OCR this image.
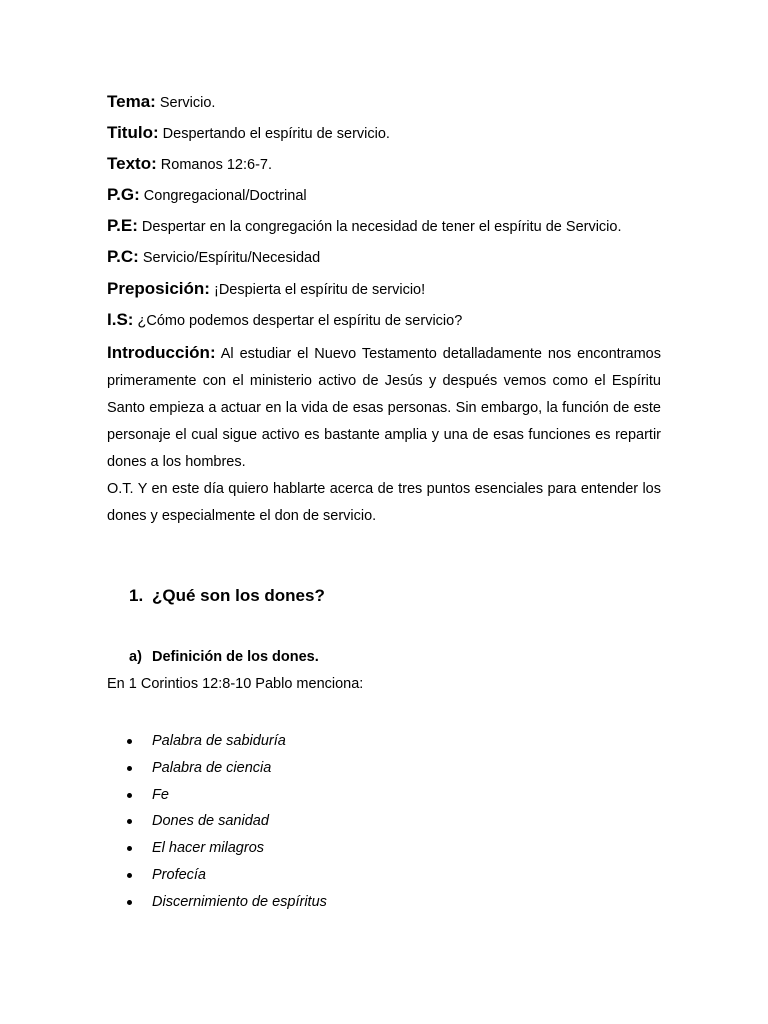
Tema: Servicio.
Titulo: Despertando el espíritu de servicio.
Texto: Romanos 12:6-7.
P.G: Congregacional/Doctrinal
P.E: Despertar en la congregación la necesidad de tener el espíritu de Servicio.
P.C: Servicio/Espíritu/Necesidad
Preposición: ¡Despierta el espíritu de servicio!
I.S: ¿Cómo podemos despertar el espíritu de servicio?

Introducción: Al estudiar el Nuevo Testamento detalladamente nos encontramos primeramente con el ministerio activo de Jesús y después vemos como el Espíritu Santo empieza a actuar en la vida de esas personas. Sin embargo, la función de este personaje el cual sigue activo es bastante amplia y una de esas funciones es repartir dones a los hombres.

O.T. Y en este día quiero hablarte acerca de tres puntos esenciales para entender los dones y especialmente el don de servicio.

1. ¿Qué son los dones?
a) Definición de los dones.
En 1 Corintios 12:8-10 Pablo menciona:
Palabra de sabiduría
Palabra de ciencia
Fe
Dones de sanidad
El hacer milagros
Profecía
Discernimiento de espíritus
